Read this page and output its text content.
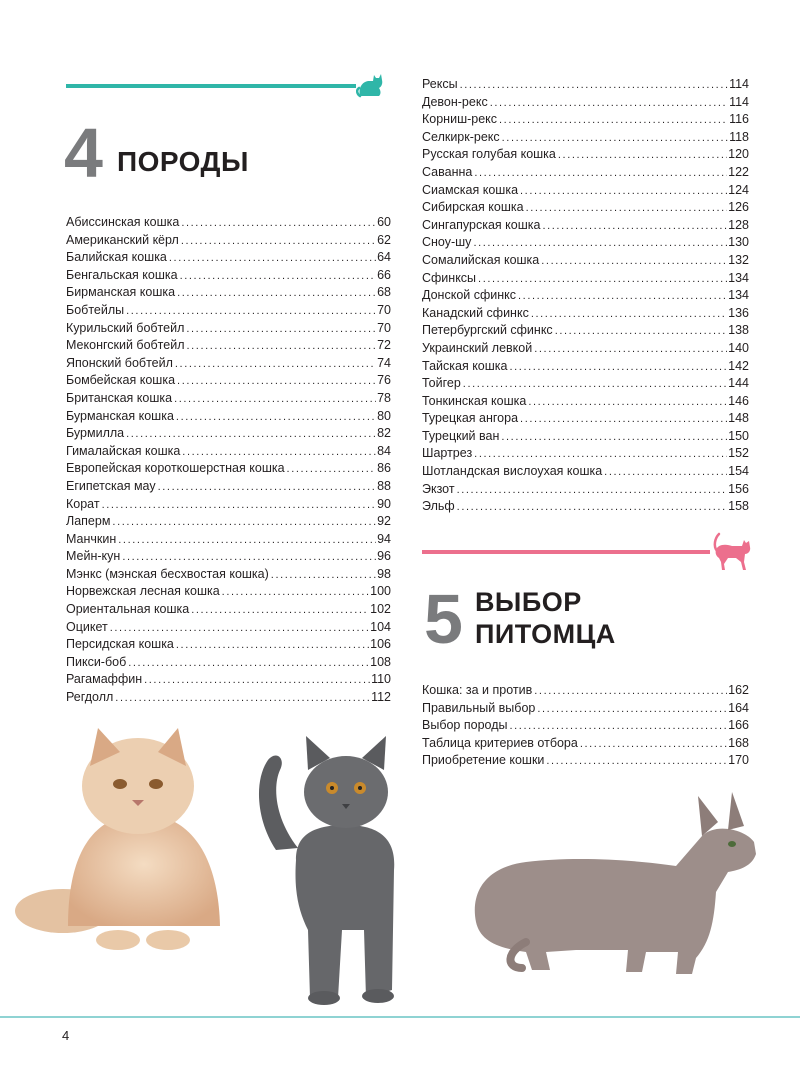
4 ПОРОДЫ
Абиссинская кошка .....	60
Американский кёрл .....	62
Балийская кошка .....	64
Бенгальская кошка .....	66
Бирманская кошка .....	68
Бобтейлы .....	70
Курильский бобтейл .....	70
Меконгский бобтейл .....	72
Японский бобтейл .....	74
Бомбейская кошка .....	76
Британская кошка .....	78
Бурманская кошка .....	80
Бурмилла .....	82
Гималайская кошка .....	84
Европейская короткошерстная кошка .....	86
Египетская мау .....	88
Корат .....	90
Лаперм .....	92
Манчкин .....	94
Мейн-кун .....	96
Мэнкс (мэнская бесхвостая кошка) .....	98
Норвежская лесная кошка .....	100
Ориентальная кошка .....	102
Оцикет .....	104
Персидская кошка .....	106
Пикси-боб .....	108
Рагамаффин .....	110
Регдолл .....	112
Рексы .....	114
Девон-рекс .....	114
Корниш-рекс .....	116
Селкирк-рекс .....	118
Русская голубая кошка .....	120
Саванна .....	122
Сиамская кошка .....	124
Сибирская кошка .....	126
Сингапурская кошка .....	128
Сноу-шу .....	130
Сомалийская кошка .....	132
Сфинксы .....	134
Донской сфинкс .....	134
Канадский сфинкс .....	136
Петербургский сфинкс .....	138
Украинский левкой .....	140
Тайская кошка .....	142
Тойгер .....	144
Тонкинская кошка .....	146
Турецкая ангора .....	148
Турецкий ван .....	150
Шартрез .....	152
Шотландская вислоухая кошка .....	154
Экзот .....	156
Эльф .....	158
5 ВЫБОР
ПИТОМЦА
Кошка: за и против .....	162
Правильный выбор .....	164
Выбор породы .....	166
Таблица критериев отбора .....	168
Приобретение кошки .....	170
4
